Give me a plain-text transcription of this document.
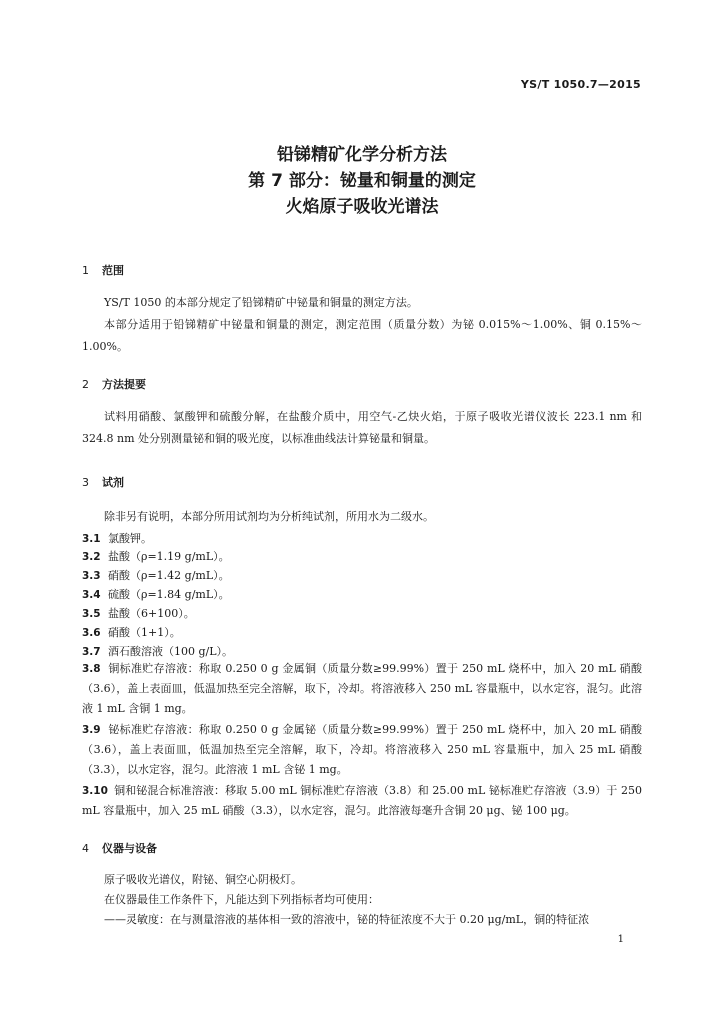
YS/T 1050.7—2015
铅锑精矿化学分析方法
第 7 部分：铋量和铜量的测定
火焰原子吸收光谱法
1 范围
YS/T 1050 的本部分规定了铅锑精矿中铋量和铜量的测定方法。
本部分适用于铅锑精矿中铋量和铜量的测定，测定范围（质量分数）为铋 0.015%～1.00%、铜 0.15%～1.00%。
2 方法提要
试料用硝酸、氯酸钾和硫酸分解，在盐酸介质中，用空气-乙炔火焰，于原子吸收光谱仪波长 223.1 nm 和 324.8 nm 处分别测量铋和铜的吸光度，以标准曲线法计算铋量和铜量。
3 试剂
除非另有说明，本部分所用试剂均为分析纯试剂，所用水为二级水。
3.1 氯酸钾。
3.2 盐酸（ρ=1.19 g/mL）。
3.3 硝酸（ρ=1.42 g/mL）。
3.4 硫酸（ρ=1.84 g/mL）。
3.5 盐酸（6+100）。
3.6 硝酸（1+1）。
3.7 酒石酸溶液（100 g/L）。
3.8 铜标准贮存溶液：称取 0.250 0 g 金属铜（质量分数≥99.99%）置于 250 mL 烧杯中，加入 20 mL 硝酸（3.6），盖上表面皿，低温加热至完全溶解，取下，冷却。将溶液移入 250 mL 容量瓶中，以水定容，混匀。此溶液 1 mL 含铜 1 mg。
3.9 铋标准贮存溶液：称取 0.250 0 g 金属铋（质量分数≥99.99%）置于 250 mL 烧杯中，加入 20 mL 硝酸（3.6），盖上表面皿，低温加热至完全溶解，取下，冷却。将溶液移入 250 mL 容量瓶中，加入 25 mL 硝酸（3.3），以水定容，混匀。此溶液 1 mL 含铋 1 mg。
3.10 铜和铋混合标准溶液：移取 5.00 mL 铜标准贮存溶液（3.8）和 25.00 mL 铋标准贮存溶液（3.9）于 250 mL 容量瓶中，加入 25 mL 硝酸（3.3），以水定容，混匀。此溶液每毫升含铜 20 μg、铋 100 μg。
4 仪器与设备
原子吸收光谱仪，附铋、铜空心阴极灯。
在仪器最佳工作条件下，凡能达到下列指标者均可使用：
——灵敏度：在与测量溶液的基体相一致的溶液中，铋的特征浓度不大于 0.20 μg/mL，铜的特征浓
1
